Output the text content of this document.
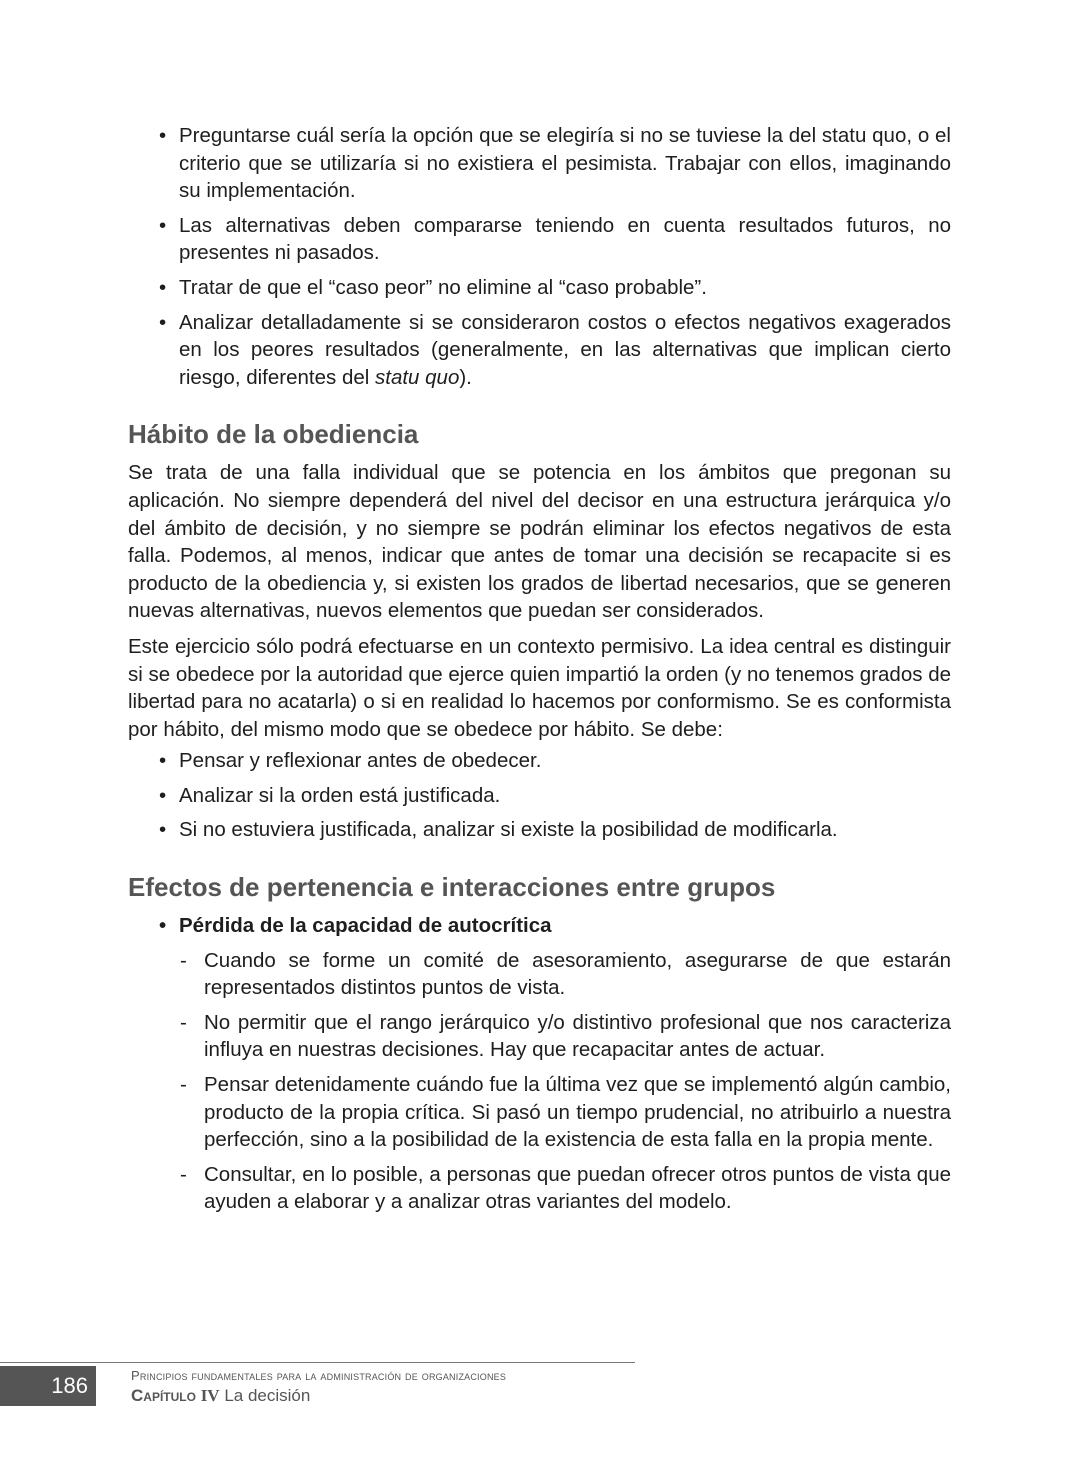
• Preguntarse cuál sería la opción que se elegiría si no se tuviese la del statu quo, o el criterio que se utilizaría si no existiera el pesimista. Trabajar con ellos, imaginando su implementación.
• Las alternativas deben compararse teniendo en cuenta resultados futuros, no presentes ni pasados.
• Tratar de que el “caso peor” no elimine al “caso probable”.
• Analizar detalladamente si se consideraron costos o efectos negativos exagerados en los peores resultados (generalmente, en las alternativas que implican cierto riesgo, diferentes del statu quo).
Hábito de la obediencia

Se trata de una falla individual que se potencia en los ámbitos que pregonan su aplicación. No siempre dependerá del nivel del decisor en una estructura jerárquica y/o del ámbito de decisión, y no siempre se podrán eliminar los efectos negativos de esta falla. Podemos, al menos, indicar que antes de tomar una decisión se recapacite si es producto de la obediencia y, si existen los grados de libertad necesarios, que se generen nuevas alternativas, nuevos elementos que puedan ser considerados.

Este ejercicio sólo podrá efectuarse en un contexto permisivo. La idea central es distinguir si se obedece por la autoridad que ejerce quien impartió la orden (y no tenemos grados de libertad para no acatarla) o si en realidad lo hacemos por conformismo. Se es conformista por hábito, del mismo modo que se obedece por hábito. Se debe:

• Pensar y reflexionar antes de obedecer.
• Analizar si la orden está justificada.
• Si no estuviera justificada, analizar si existe la posibilidad de modificarla.
Efectos de pertenencia e interacciones entre grupos
• Pérdida de la capacidad de autocrítica
- Cuando se forme un comité de asesoramiento, asegurarse de que estarán representados distintos puntos de vista.
- No permitir que el rango jerárquico y/o distintivo profesional que nos caracteriza influya en nuestras decisiones. Hay que recapacitar antes de actuar.
- Pensar detenidamente cuándo fue la última vez que se implementó algún cambio, producto de la propia crítica. Si pasó un tiempo prudencial, no atribuirlo a nuestra perfección, sino a la posibilidad de la existencia de esta falla en la propia mente.
- Consultar, en lo posible, a personas que puedan ofrecer otros puntos de vista que ayuden a elaborar y a analizar otras variantes del modelo.
186	Principios fundamentales para la administración de organizaciones
Capítulo IV La decisión
